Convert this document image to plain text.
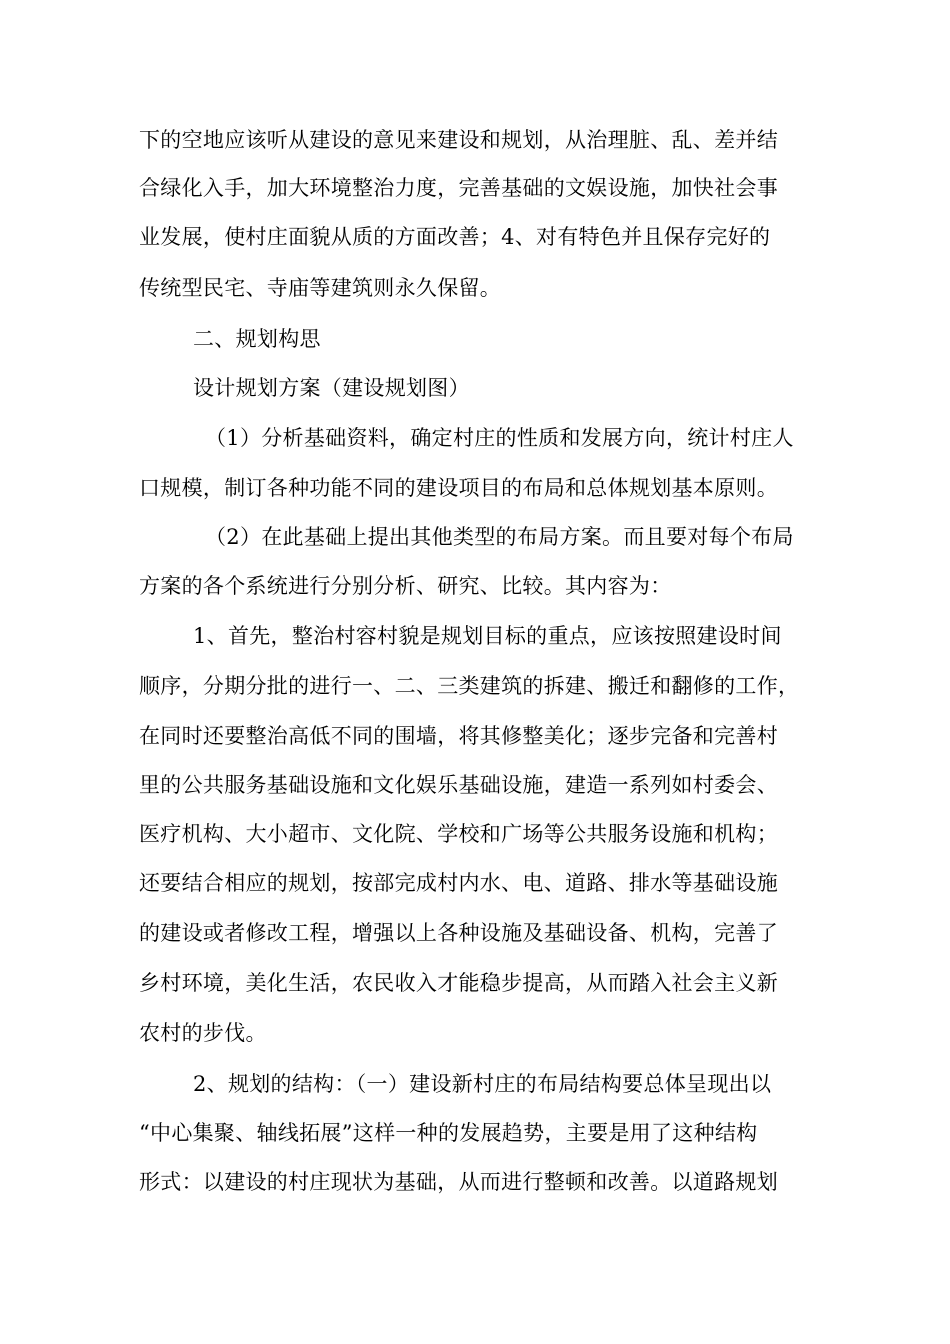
下的空地应该听从建设的意见来建设和规划，从治理脏、乱、差并结
合绿化入手，加大环境整治力度，完善基础的文娱设施，加快社会事
业发展，使村庄面貌从质的方面改善；4、对有特色并且保存完好的
传统型民宅、寺庙等建筑则永久保留。
二、规划构思
设计规划方案（建设规划图）
（1）分析基础资料，确定村庄的性质和发展方向，统计村庄人
口规模，制订各种功能不同的建设项目的布局和总体规划基本原则。
（2）在此基础上提出其他类型的布局方案。而且要对每个布局
方案的各个系统进行分别分析、研究、比较。其内容为：
1、首先，整治村容村貌是规划目标的重点，应该按照建设时间
顺序，分期分批的进行一、二、三类建筑的拆建、搬迁和翻修的工作，
在同时还要整治高低不同的围墙，将其修整美化；逐步完备和完善村
里的公共服务基础设施和文化娱乐基础设施，建造一系列如村委会、
医疗机构、大小超市、文化院、学校和广场等公共服务设施和机构；
还要结合相应的规划，按部完成村内水、电、道路、排水等基础设施
的建设或者修改工程，增强以上各种设施及基础设备、机构，完善了
乡村环境，美化生活，农民收入才能稳步提高，从而踏入社会主义新
农村的步伐。
2、规划的结构：（一）建设新村庄的布局结构要总体呈现出以
“中心集聚、轴线拓展”这样一种的发展趋势，主要是用了这种结构
形式：以建设的村庄现状为基础，从而进行整顿和改善。以道路规划
